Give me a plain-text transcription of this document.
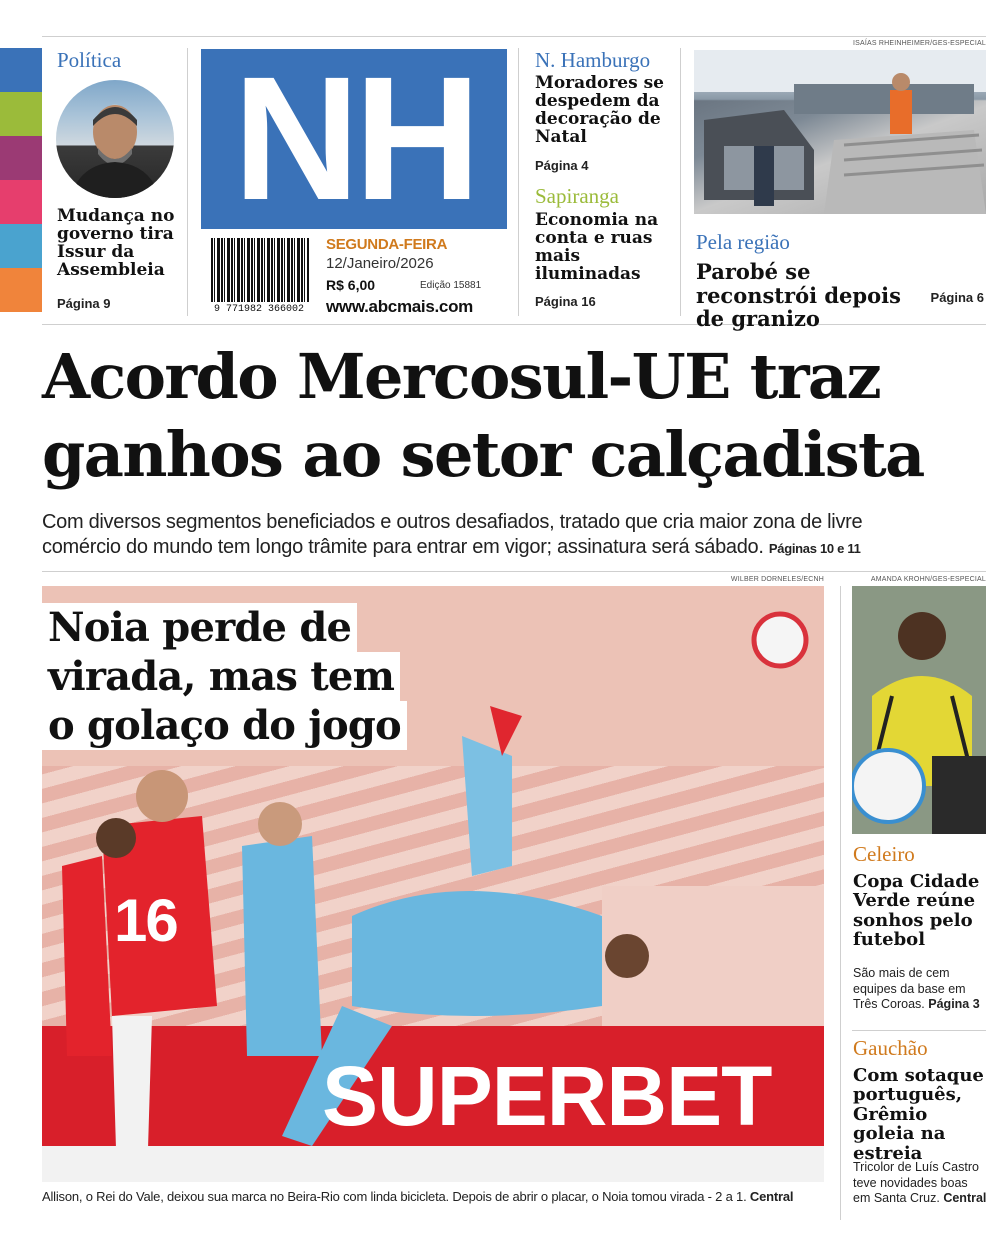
Política
Mudança no governo tira Issur da Assembleia
Página 9
NH
9 771982 366002
SEGUNDA-FEIRA
12/Janeiro/2026
R$ 6,00	Edição 15881
www.abcmais.com
N. Hamburgo
Moradores se despedem da decoração de Natal
Página 4
Sapiranga
Economia na conta e ruas mais iluminadas
Página 16
ISAÍAS RHEINHEIMER/GES-ESPECIAL
Pela região
Parobé se reconstrói depois de granizo
Página 6
Acordo Mercosul-UE traz
ganhos ao setor calçadista
Com diversos segmentos beneficiados e outros desafiados, tratado que cria maior zona de livre
comércio do mundo tem longo trâmite para entrar em vigor; assinatura será sábado. Páginas 10 e 11
WILBER DORNELES/ECNH
16
SUPERBET
Noia perde de
virada, mas tem
o golaço do jogo
Allison, o Rei do Vale, deixou sua marca no Beira-Rio com linda bicicleta. Depois de abrir o placar, o Noia tomou virada - 2 a 1. Central
AMANDA KROHN/GES-ESPECIAL
Celeiro
Copa Cidade Verde reúne sonhos pelo futebol
São mais de cem equipes da base em Três Coroas. Página 3
Gauchão
Com sotaque português, Grêmio goleia na estreia
Tricolor de Luís Castro teve novidades boas em Santa Cruz. Central
